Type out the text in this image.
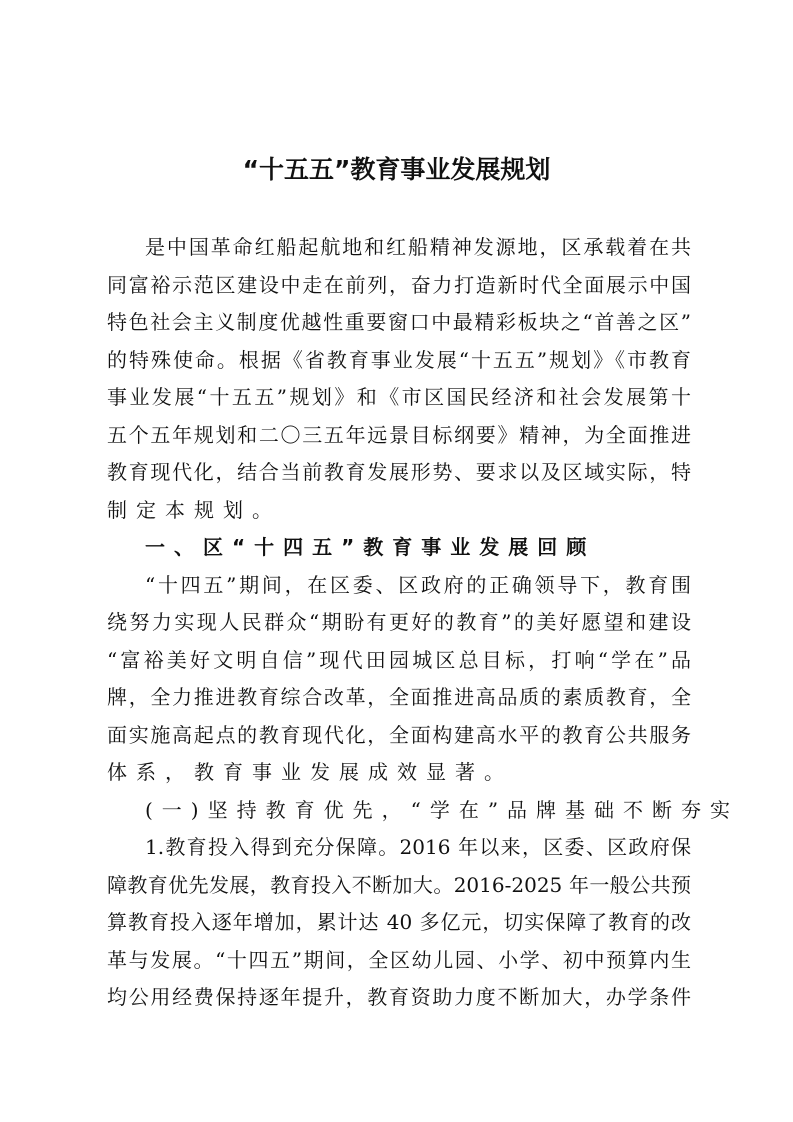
“十五五”教育事业发展规划
是中国革命红船起航地和红船精神发源地，区承载着在共
同富裕示范区建设中走在前列，奋力打造新时代全面展示中国
特色社会主义制度优越性重要窗口中最精彩板块之“首善之区”
的特殊使命。根据《省教育事业发展“十五五”规划》《市教育
事业发展“十五五”规划》和《市区国民经济和社会发展第十
五个五年规划和二〇三五年远景目标纲要》精神，为全面推进
教育现代化，结合当前教育发展形势、要求以及区域实际，特
制定本规划。
一、区“十四五”教育事业发展回顾
“十四五”期间，在区委、区政府的正确领导下，教育围
绕努力实现人民群众“期盼有更好的教育”的美好愿望和建设
“富裕美好文明自信”现代田园城区总目标，打响“学在”品
牌，全力推进教育综合改革，全面推进高品质的素质教育，全
面实施高起点的教育现代化，全面构建高水平的教育公共服务
体系，教育事业发展成效显著。
(一)坚持教育优先，“学在”品牌基础不断夯实
1.教育投入得到充分保障。2016 年以来，区委、区政府保
障教育优先发展，教育投入不断加大。2016-2025 年一般公共预
算教育投入逐年增加，累计达 40 多亿元，切实保障了教育的改
革与发展。“十四五”期间，全区幼儿园、小学、初中预算内生
均公用经费保持逐年提升，教育资助力度不断加大，办学条件
